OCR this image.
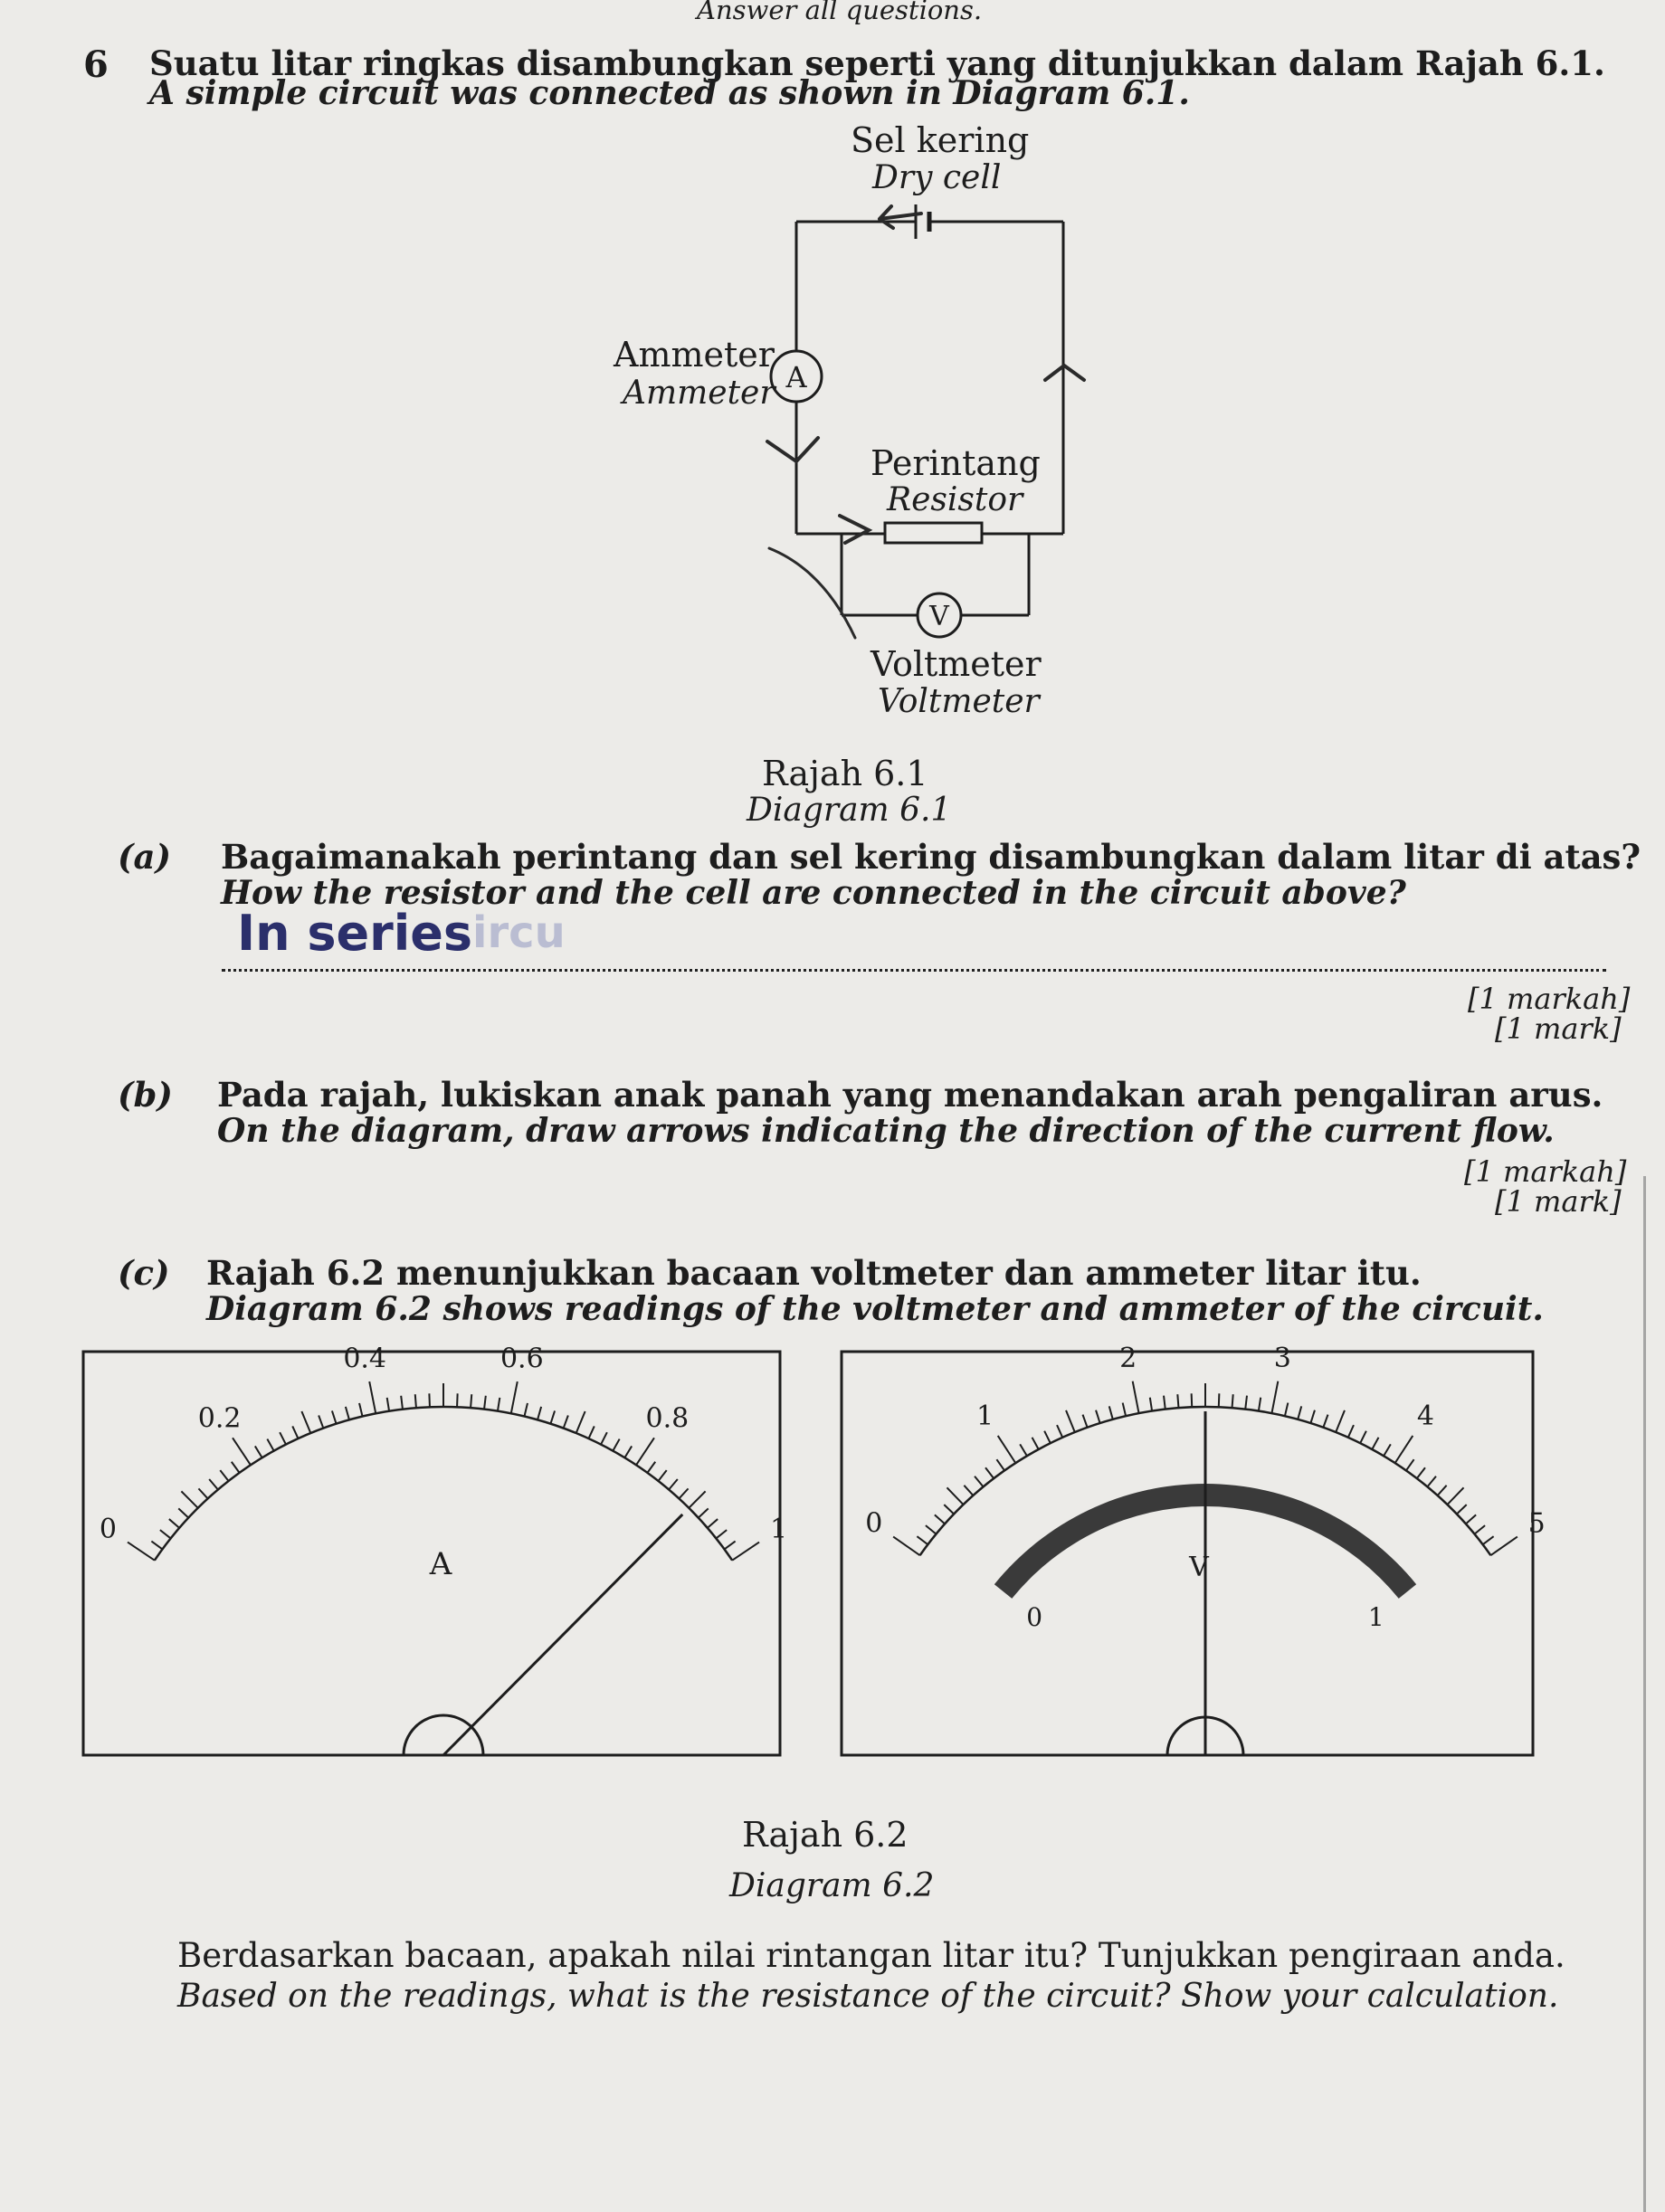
Answer all questions.
6 Suatu litar ringkas disambungkan seperti yang ditunjukkan dalam Rajah 6.1.
A simple circuit was connected as shown in Diagram 6.1.
A
V
Sel kering
Dry cell
Ammeter
Ammeter
Perintang
Resistor
Voltmeter
Voltmeter
Rajah 6.1
Diagram 6.1
(a) Bagaimanakah perintang dan sel kering disambungkan dalam litar di atas?
How the resistor and the cell are connected in the circuit above?
In series ircu
[1 markah]
[1 mark]
(b) Pada rajah, lukiskan anak panah yang menandakan arah pengaliran arus.
On the diagram, draw arrows indicating the direction of the current flow.
[1 markah]
[1 mark]
(c) Rajah 6.2 menunjukkan bacaan voltmeter dan ammeter litar itu.
Diagram 6.2 shows readings of the voltmeter and ammeter of the circuit.
0
0.2
0.4	0.6
0.8
1
A
0
1
2	3
4
5
0	1
V
Rajah 6.2
Diagram 6.2
Berdasarkan bacaan, apakah nilai rintangan litar itu? Tunjukkan pengiraan anda.
Based on the readings, what is the resistance of the circuit? Show your calculation.
